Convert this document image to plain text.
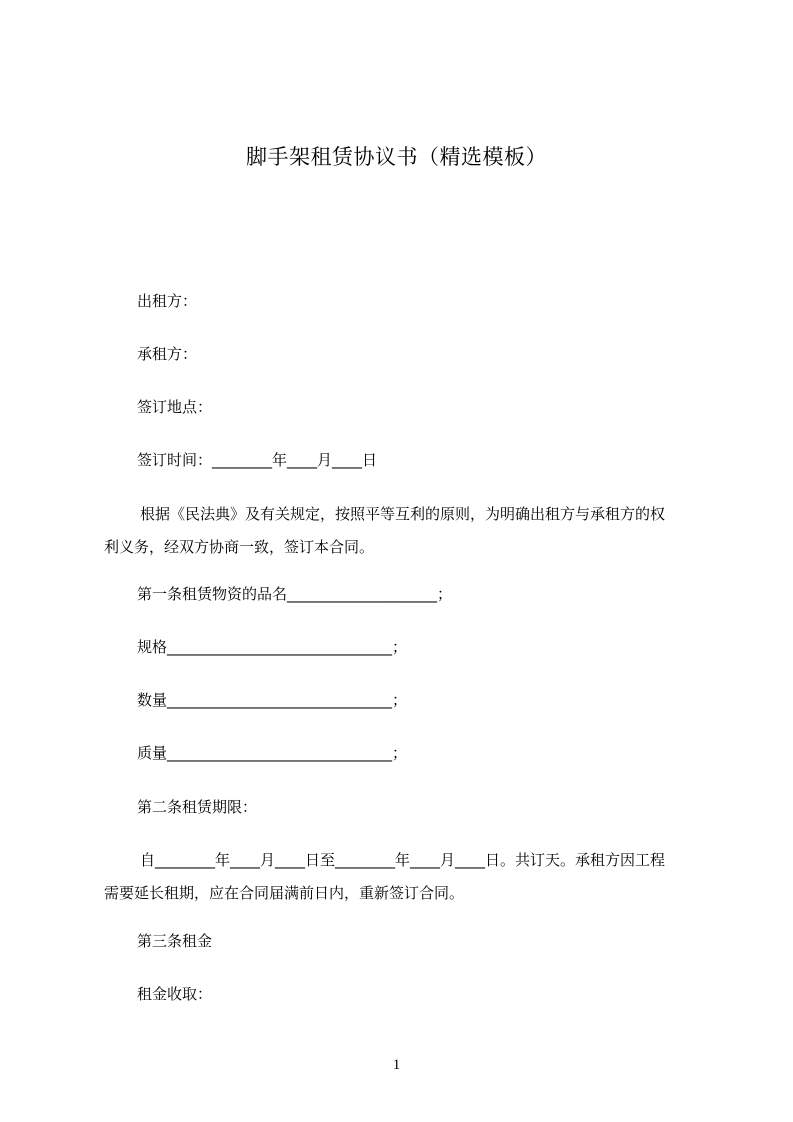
脚手架租赁协议书（精选模板）
出租方：
承租方：
签订地点：
签订时间：________年____月____日
根据《民法典》及有关规定，按照平等互利的原则，为明确出租方与承租方的权
利义务，经双方协商一致，签订本合同。
第一条租赁物资的品名____________________；
规格______________________________；
数量______________________________；
质量______________________________；
第二条租赁期限：
自________年____月____日至________年____月____日。共订天。承租方因工程
需要延长租期，应在合同届满前日内，重新签订合同。
第三条租金
租金收取：
1
